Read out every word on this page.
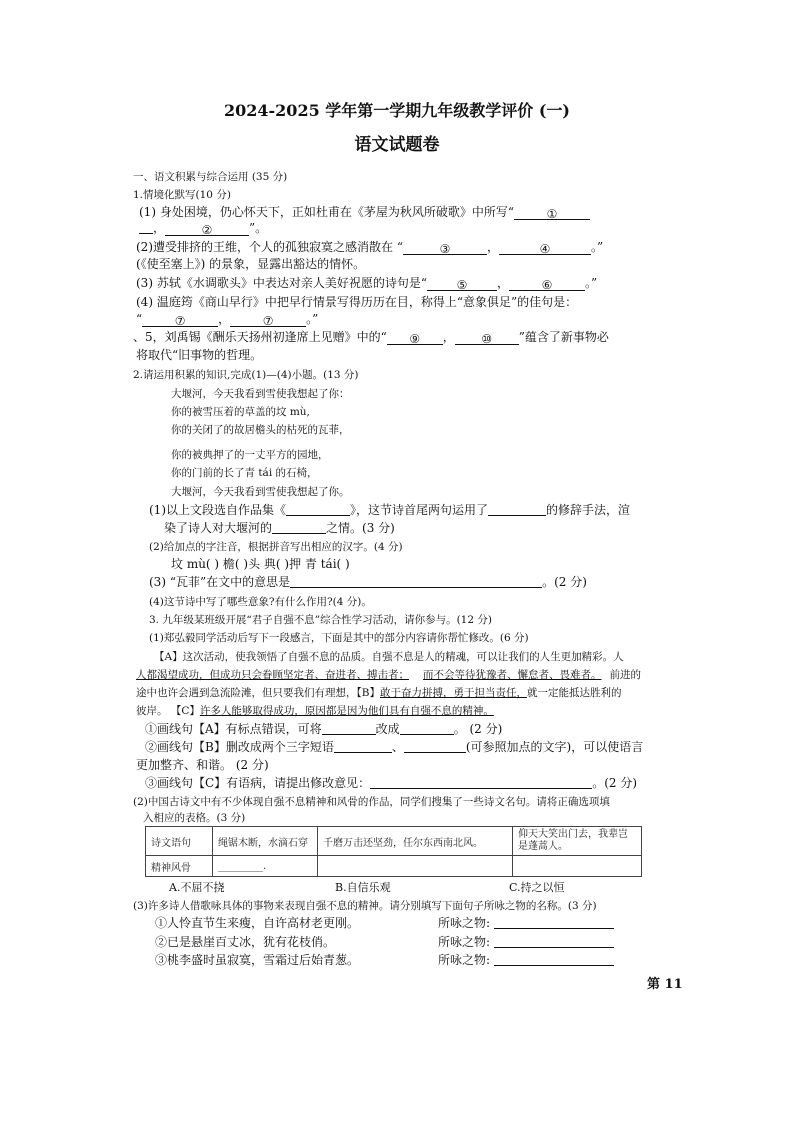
2024-2025 学年第一学期九年级教学评价 (一)
语文试题卷
一、语文积累与综合运用 (35 分)
1.情境化默写(10 分)
(1) 身处困境，仍心怀天下，正如杜甫在《茅屋为秋风所破歌》中所写“	①
，	②	”。
(2)遭受排挤的王维，个人的孤独寂寞之感消散在 “	③	，	④	。”
(《使至塞上》) 的景象，显露出豁达的情怀。
(3) 苏轼《水调歌头》中表达对亲人美好祝愿的诗句是“ ⑤ ，	⑥	。”
(4) 温庭筠《商山早行》中把早行情景写得历历在目，称得上“意象俱足”的佳句是：
“	⑦	，	⑦	。”
、5，刘禹锡《酬乐天扬州初逢席上见赠》中的“ ⑨ ， ⑩ ”蕴含了新事物必
将取代“旧事物的哲理。
2.请运用积累的知识,完成(1)—(4)小题。(13 分)
大堰河，今天我看到雪使我想起了你：
你的被雪压着的草盖的坟 mù,
你的关闭了的故居檐头的枯死的瓦菲，
你的被典押了的一丈平方的园地，
你的门前的长了青 tái 的石椅，
大堰河，今天我看到雪使我想起了你。
(1)以上文段选自作品集《	》，这节诗首尾两句运用了	的修辞手法，渲
染了诗人对大堰河的	之情。(3 分)
(2)给加点的字注音，根据拼音写出相应的汉字。(4 分)
坟 mù( ) 檐( )头 典( )押 青 tái( )
(3) “瓦菲”在文中的意思是	。(2 分)
(4)这节诗中写了哪些意象?有什么作用?(4 分)。
3. 九年级某班级开展“君子自强不息”综合性学习活动，请你参与。(12 分)
(1)郑弘毅同学活动后写下一段感言，下面是其中的部分内容请你帮忙修改。(6 分)
【A】这次活动，使我领悟了自强不息的品质。自强不息是人的精魂，可以让我们的人生更加精彩。人
人都渴望成功，但成功只会眷顾坚定者、奋进者、搏击者； 而不会等待犹豫者、懈怠者、畏难者。 前进的
途中也许会遇到急流险滩，但只要我们有理想，【B】敢于奋力拼搏，勇于担当责任，就一定能抵达胜利的
彼岸。 【C】许多人能够取得成功，原因都是因为他们具有自强不息的精神。
①画线句【A】有标点错误，可将	改成	。 (2 分)
②画线句【B】删改成两个三字短语	、	(可参照加点的文字)，可以使语言
更加整齐、和谐。 (2 分)
③画线句【C】有语病，请提出修改意见：	。(2 分)
(2)中国古诗文中有不少体现自强不息精神和风骨的作品，同学们搜集了一些诗文名句。请将正确选项填
入相应的表格。(3 分)
诗文语句	绳锯木断，水滴石穿	千磨万击还坚劲，任尔东西南北风。	仰天大笑出门去，我辈岂是蓬蒿人。
精神风骨	_________.		
A.不屈不挠	B.自信乐观	C.持之以恒
(3)许多诗人借歌咏具体的事物来表现自强不息的精神。请分别填写下面句子所咏之物的名称。(3 分)
①人怜直节生来瘦，自许高材老更刚。	所咏之物:
②已是悬崖百丈冰，犹有花枝俏。	所咏之物:
③桃李盛时虽寂寞，雪霜过后始青葱。	所咏之物:
第 11
